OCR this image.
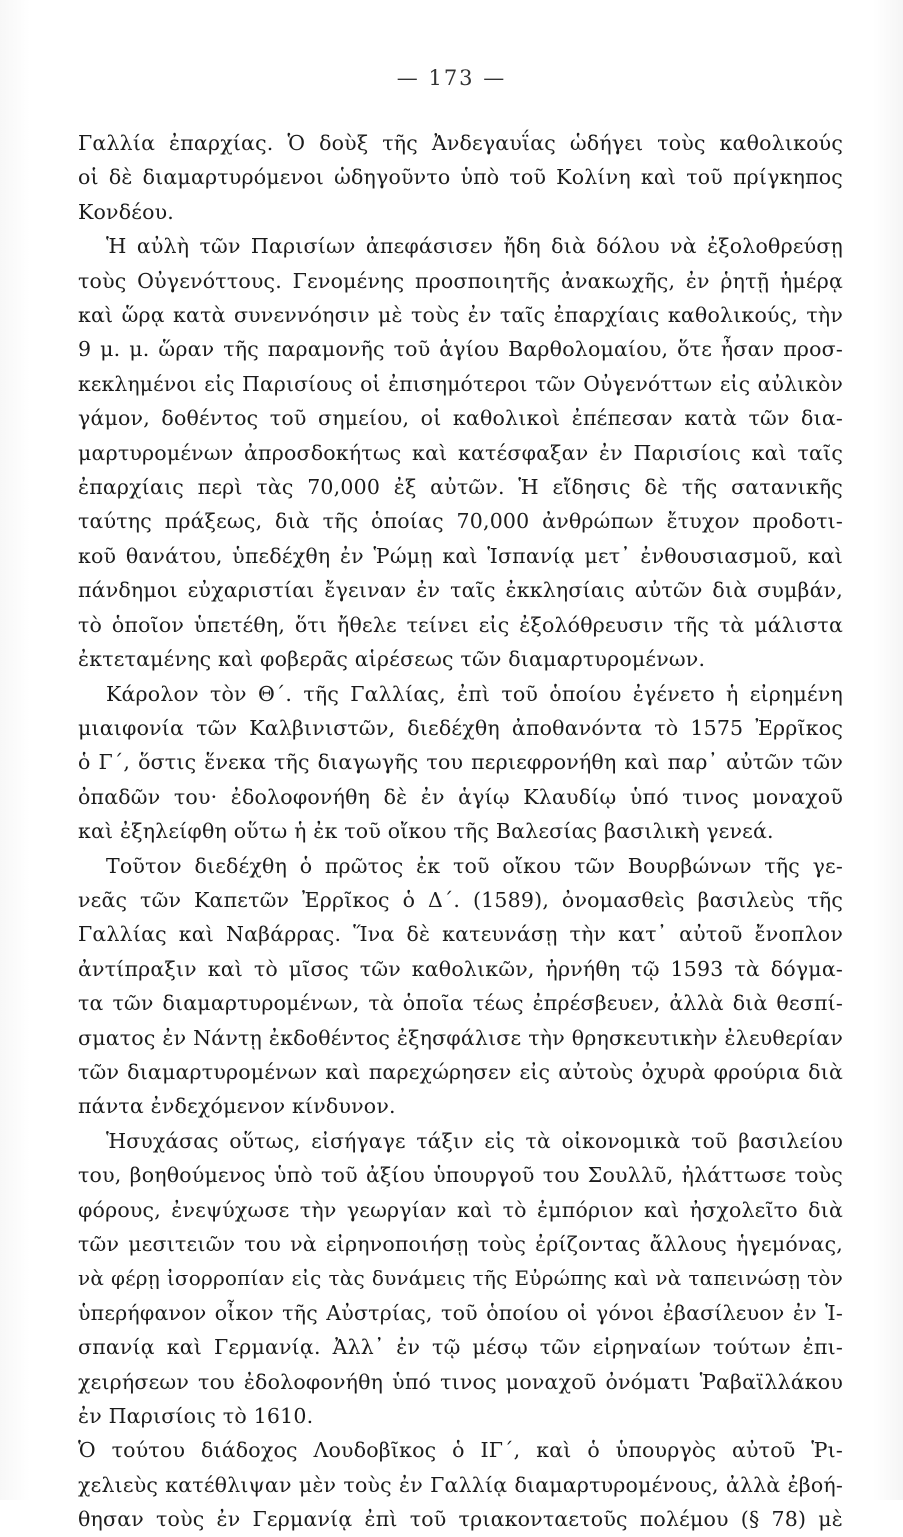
— 173 —
Γαλλία ἐπαρχίας. Ὁ δοὺξ τῆς Ἀνδεγαυΐας ὡδήγει τοὺς καθολικούς
οἱ δὲ διαμαρτυρόμενοι ὡδηγοῦντο ὑπὸ τοῦ Κολίνη καὶ τοῦ πρίγκηπος
Κονδέου.
Ἡ αὐλὴ τῶν Παρισίων ἀπεφάσισεν ἤδη διὰ δόλου νὰ ἐξολοθρεύσῃ
τοὺς Οὐγενόττους. Γενομένης προσποιητῆς ἀνακωχῆς, ἐν ῥητῇ ἡμέρᾳ
καὶ ὥρᾳ κατὰ συνεννόησιν μὲ τοὺς ἐν ταῖς ἐπαρχίαις καθολικούς, τὴν
9 μ. μ. ὥραν τῆς παραμονῆς τοῦ ἁγίου Βαρθολομαίου, ὅτε ἦσαν προσ-
κεκλημένοι εἰς Παρισίους οἱ ἐπισημότεροι τῶν Οὐγενόττων εἰς αὐλικὸν
γάμον, δοθέντος τοῦ σημείου, οἱ καθολικοὶ ἐπέπεσαν κατὰ τῶν δια-
μαρτυρομένων ἀπροσδοκήτως καὶ κατέσφαξαν ἐν Παρισίοις καὶ ταῖς
ἐπαρχίαις περὶ τὰς 70,000 ἐξ αὐτῶν. Ἡ εἴδησις δὲ τῆς σατανικῆς
ταύτης πράξεως, διὰ τῆς ὁποίας 70,000 ἀνθρώπων ἔτυχον προδοτι-
κοῦ θανάτου, ὑπεδέχθη ἐν Ῥώμῃ καὶ Ἱσπανίᾳ μετ᾽ ἐνθουσιασμοῦ, καὶ
πάνδημοι εὐχαριστίαι ἔγειναν ἐν ταῖς ἐκκλησίαις αὐτῶν διὰ συμβάν,
τὸ ὁποῖον ὑπετέθη, ὅτι ἤθελε τείνει εἰς ἐξολόθρευσιν τῆς τὰ μάλιστα
ἐκτεταμένης καὶ φοβερᾶς αἱρέσεως τῶν διαμαρτυρομένων.
Κάρολον τὸν Θ΄. τῆς Γαλλίας, ἐπὶ τοῦ ὁποίου ἐγένετο ἡ εἰρημένη
μιαιφονία τῶν Καλβινιστῶν, διεδέχθη ἀποθανόντα τὸ 1575 Ἐρρῖκος
ὁ Γ΄, ὅστις ἕνεκα τῆς διαγωγῆς του περιεφρονήθη καὶ παρ᾽ αὐτῶν τῶν
ὀπαδῶν του· ἐδολοφονήθη δὲ ἐν ἁγίῳ Κλαυδίῳ ὑπό τινος μοναχοῦ
καὶ ἐξηλείφθη οὕτω ἡ ἐκ τοῦ οἴκου τῆς Βαλεσίας βασιλικὴ γενεά.
Τοῦτον διεδέχθη ὁ πρῶτος ἐκ τοῦ οἴκου τῶν Βουρβώνων τῆς γε-
νεᾶς τῶν Καπετῶν Ἐρρῖκος ὁ Δ΄. (1589), ὀνομασθεὶς βασιλεὺς τῆς
Γαλλίας καὶ Ναβάρρας. Ἵνα δὲ κατευνάσῃ τὴν κατ᾽ αὐτοῦ ἔνοπλον
ἀντίπραξιν καὶ τὸ μῖσος τῶν καθολικῶν, ἠρνήθη τῷ 1593 τὰ δόγμα-
τα τῶν διαμαρτυρομένων, τὰ ὁποῖα τέως ἐπρέσβευεν, ἀλλὰ διὰ θεσπί-
σματος ἐν Νάντῃ ἐκδοθέντος ἐξησφάλισε τὴν θρησκευτικὴν ἐλευθερίαν
τῶν διαμαρτυρομένων καὶ παρεχώρησεν εἰς αὐτοὺς ὀχυρὰ φρούρια διὰ
πάντα ἐνδεχόμενον κίνδυνον.
Ἡσυχάσας οὕτως, εἰσήγαγε τάξιν εἰς τὰ οἰκονομικὰ τοῦ βασιλείου
του, βοηθούμενος ὑπὸ τοῦ ἀξίου ὑπουργοῦ του Σουλλῦ, ἠλάττωσε τοὺς
φόρους, ἐνεψύχωσε τὴν γεωργίαν καὶ τὸ ἐμπόριον καὶ ἠσχολεῖτο διὰ
τῶν μεσιτειῶν του νὰ εἰρηνοποιήσῃ τοὺς ἐρίζοντας ἄλλους ἡγεμόνας,
νὰ φέρῃ ἰσορροπίαν εἰς τὰς δυνάμεις τῆς Εὐρώπης καὶ νὰ ταπεινώσῃ τὸν
ὑπερήφανον οἶκον τῆς Αὐστρίας, τοῦ ὁποίου οἱ γόνοι ἐβασίλευον ἐν Ἱ-
σπανίᾳ καὶ Γερμανίᾳ. Ἀλλ᾽ ἐν τῷ μέσῳ τῶν εἰρηναίων τούτων ἐπι-
χειρήσεων του ἐδολοφονήθη ὑπό τινος μοναχοῦ ὀνόματι Ῥαβαϊλλάκου
ἐν Παρισίοις τὸ 1610.
Ὁ τούτου διάδοχος Λουδοβῖκος ὁ ΙΓ΄, καὶ ὁ ὑπουργὸς αὐτοῦ Ῥι-
χελιεὺς κατέθλιψαν μὲν τοὺς ἐν Γαλλίᾳ διαμαρτυρομένους, ἀλλὰ ἐβοή-
θησαν τοὺς ἐν Γερμανίᾳ ἐπὶ τοῦ τριακονταετοῦς πολέμου (§ 78) μὲ
